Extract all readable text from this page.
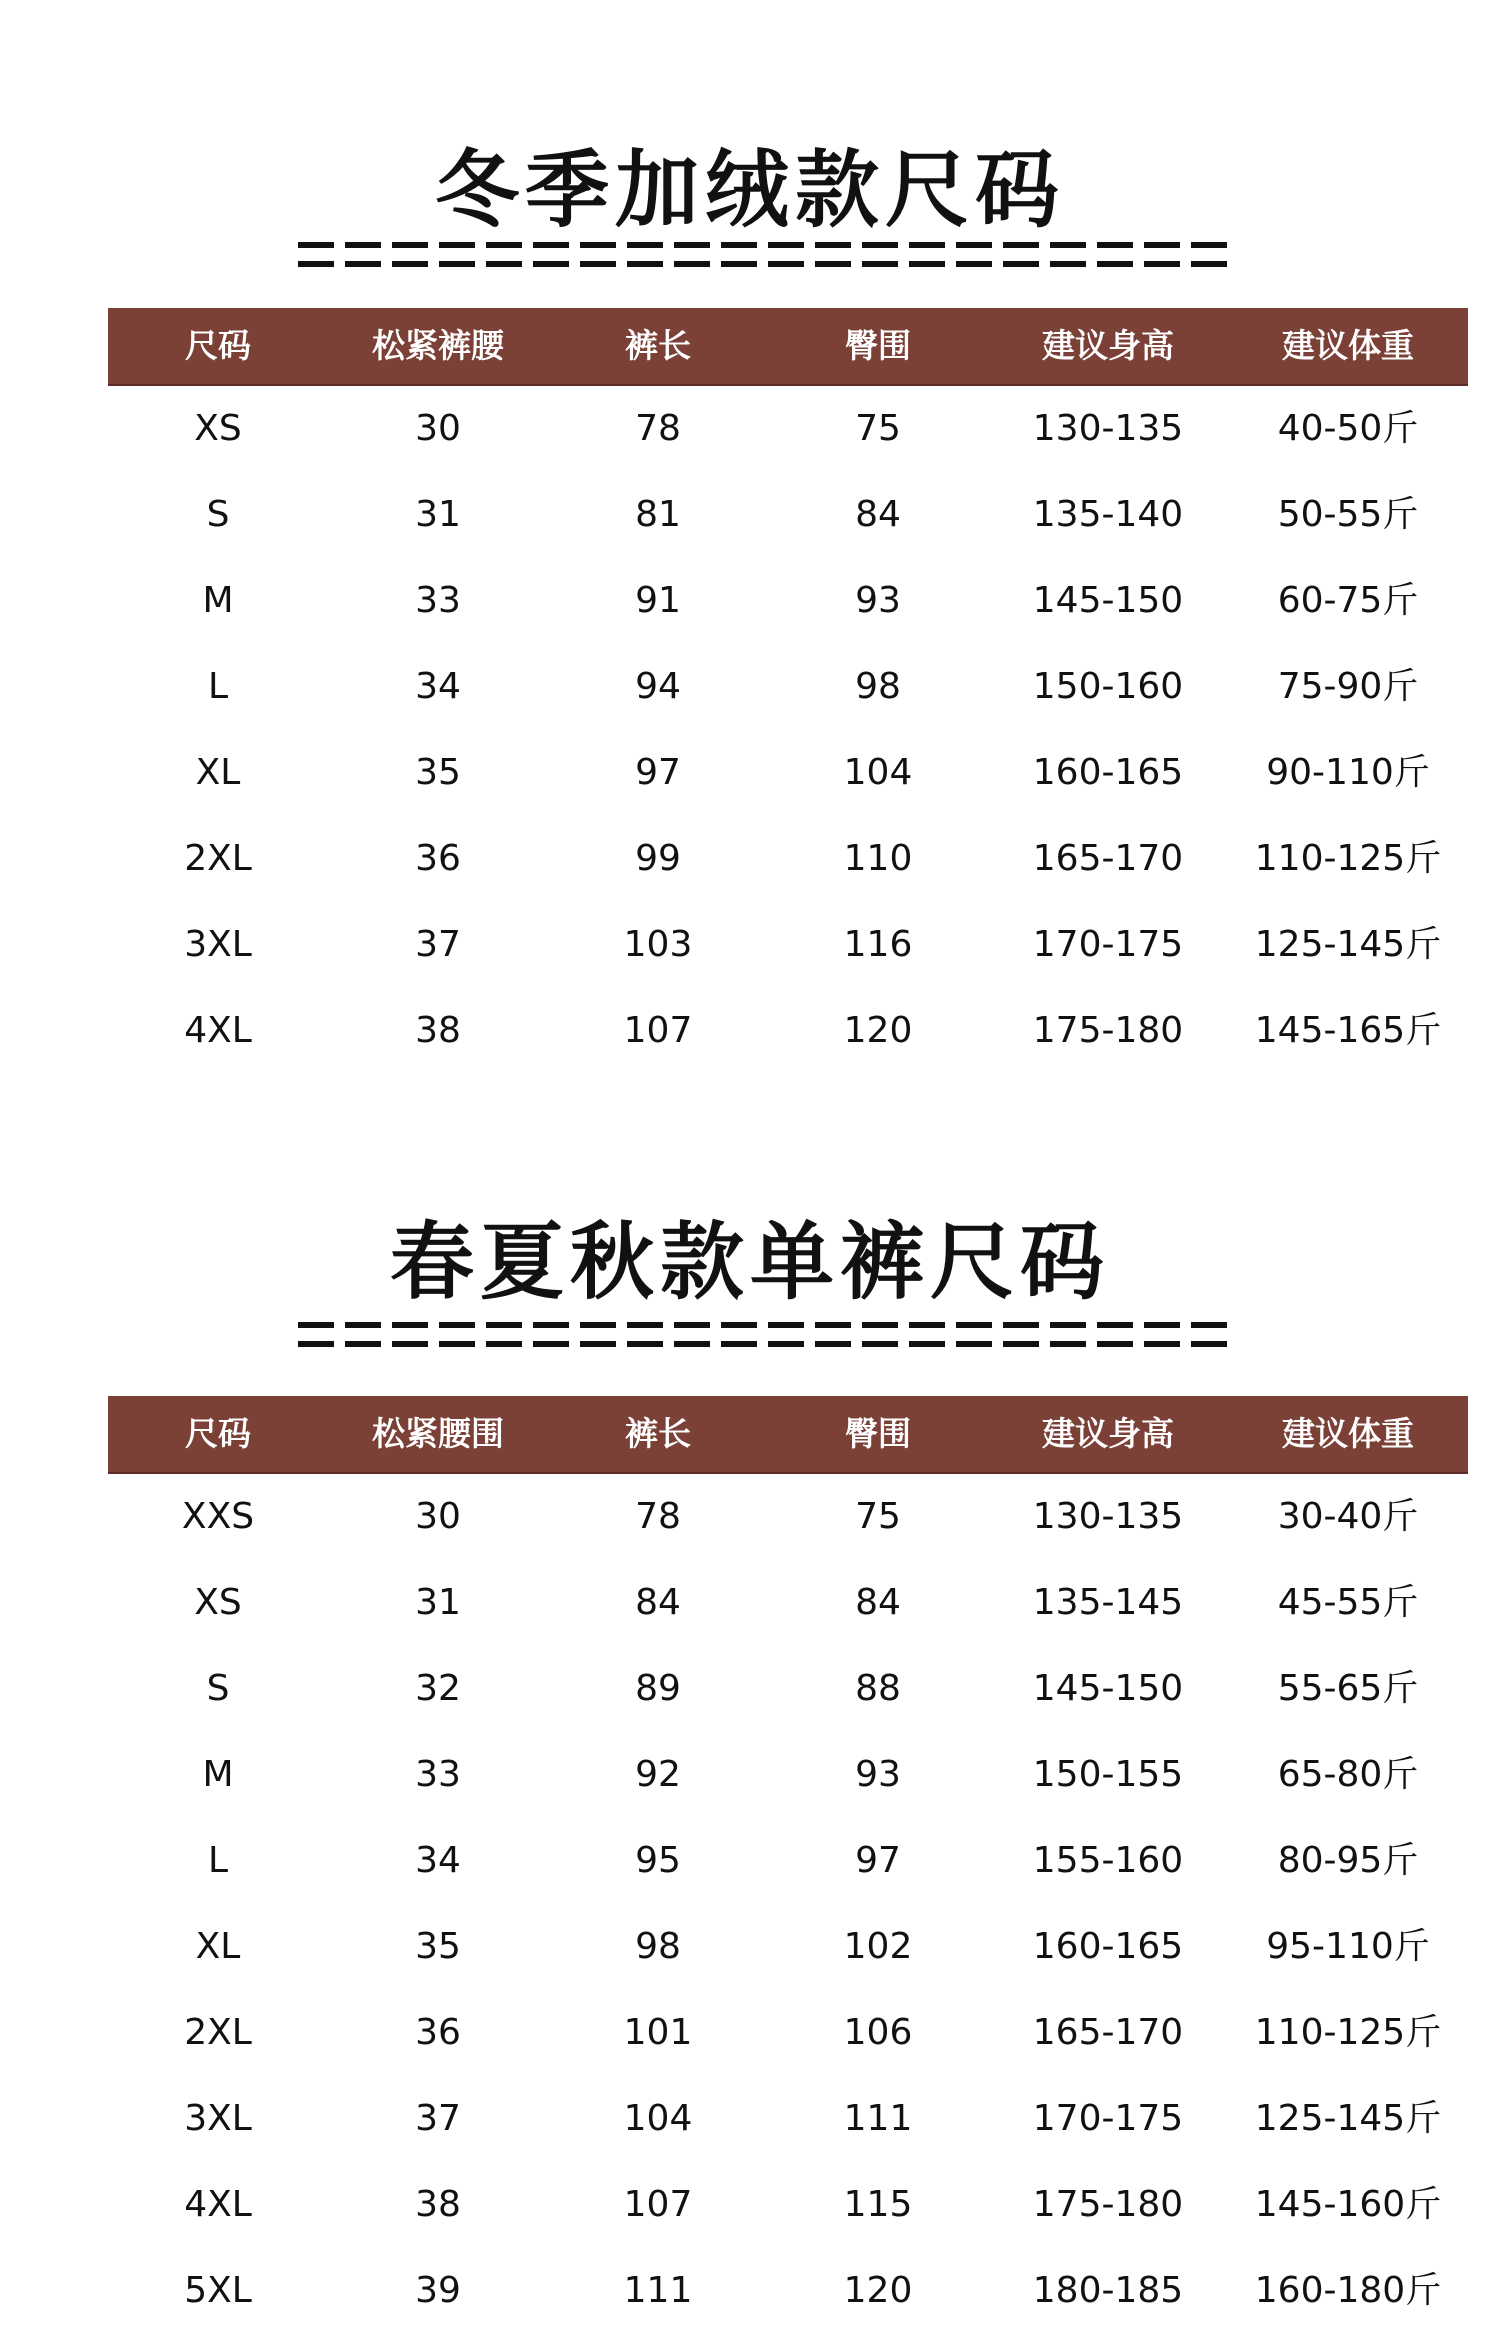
冬季加绒款尺码
尺码	松紧裤腰	裤长	臀围	建议身高	建议体重
XS	30	78	75	130-135	40-50斤
S	31	81	84	135-140	50-55斤
M	33	91	93	145-150	60-75斤
L	34	94	98	150-160	75-90斤
XL	35	97	104	160-165	90-110斤
2XL	36	99	110	165-170	110-125斤
3XL	37	103	116	170-175	125-145斤
4XL	38	107	120	175-180	145-165斤
春夏秋款单裤尺码
尺码	松紧腰围	裤长	臀围	建议身高	建议体重
XXS	30	78	75	130-135	30-40斤
XS	31	84	84	135-145	45-55斤
S	32	89	88	145-150	55-65斤
M	33	92	93	150-155	65-80斤
L	34	95	97	155-160	80-95斤
XL	35	98	102	160-165	95-110斤
2XL	36	101	106	165-170	110-125斤
3XL	37	104	111	170-175	125-145斤
4XL	38	107	115	175-180	145-160斤
5XL	39	111	120	180-185	160-180斤
